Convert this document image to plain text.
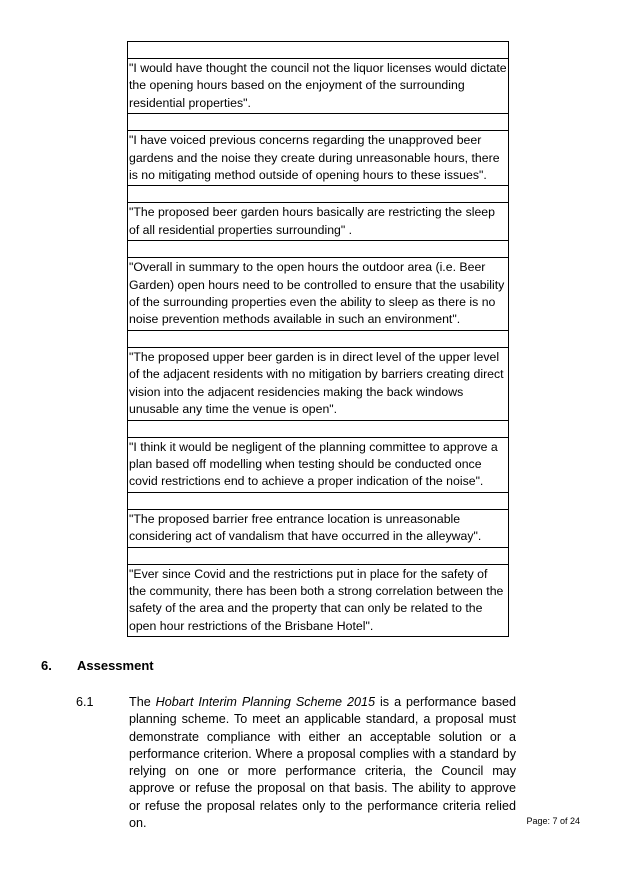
"I would have thought the council not the liquor licenses would dictate the opening hours based on the enjoyment of the surrounding residential properties".

"I have voiced previous concerns regarding the unapproved beer gardens and the noise they create during unreasonable hours, there is no mitigating method outside of opening hours to these issues".

"The proposed beer garden hours basically are restricting the sleep of all residential properties surrounding" .

"Overall in summary to the open hours the outdoor area (i.e. Beer Garden) open hours need to be controlled to ensure that the usability of the surrounding properties even the ability to sleep as there is no noise prevention methods available in such an environment".

"The proposed upper beer garden is in direct level of the upper level of the adjacent residents with no mitigation by barriers creating direct vision into the adjacent residencies making the back windows unusable any time the venue is open".

"I think it would be negligent of the planning committee to approve a plan based off modelling when testing should be conducted once covid restrictions end to achieve a proper indication of the noise".

"The proposed barrier free entrance location is unreasonable considering act of vandalism that have occurred in the alleyway".

"Ever since Covid and the restrictions put in place for the safety of the community, there has been both a strong correlation between the safety of the area and the property that can only be related to the open hour restrictions of the Brisbane Hotel".
6.	Assessment
6.1	The Hobart Interim Planning Scheme 2015 is a performance based planning scheme. To meet an applicable standard, a proposal must demonstrate compliance with either an acceptable solution or a performance criterion. Where a proposal complies with a standard by relying on one or more performance criteria, the Council may approve or refuse the proposal on that basis. The ability to approve or refuse the proposal relates only to the performance criteria relied on.	Page: 7 of 24
